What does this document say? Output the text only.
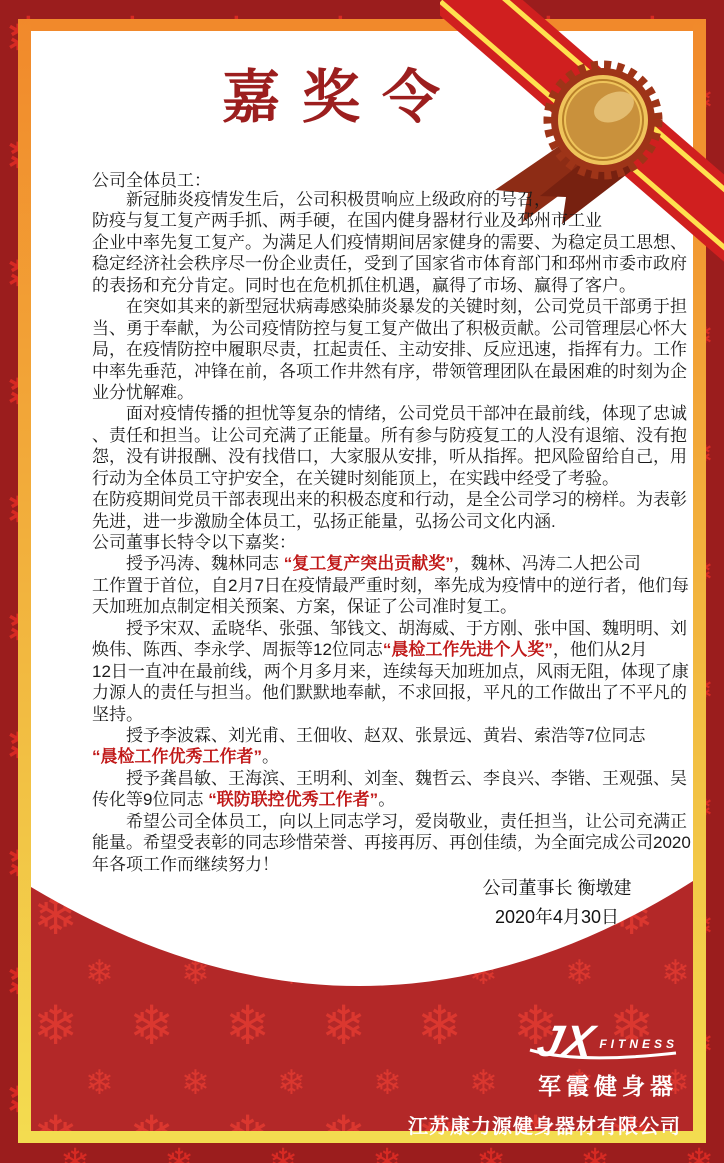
嘉奖令
公司全体员工：
新冠肺炎疫情发生后，公司积极贯响应上级政府的号召，
防疫与复工复产两手抓、两手硬，在国内健身器材行业及邳州市工业
企业中率先复工复产。为满足人们疫情期间居家健身的需要、为稳定员工思想、
稳定经济社会秩序尽一份企业责任，受到了国家省市体育部门和邳州市委市政府
的表扬和充分肯定。同时也在危机抓住机遇，赢得了市场、赢得了客户。
在突如其来的新型冠状病毒感染肺炎暴发的关键时刻，公司党员干部勇于担
当、勇于奉献，为公司疫情防控与复工复产做出了积极贡献。公司管理层心怀大
局，在疫情防控中履职尽责，扛起责任、主动安排、反应迅速，指挥有力。工作
中率先垂范，冲锋在前，各项工作井然有序，带领管理团队在最困难的时刻为企
业分忧解难。
面对疫情传播的担忧等复杂的情绪，公司党员干部冲在最前线，体现了忠诚
、责任和担当。让公司充满了正能量。所有参与防疫复工的人没有退缩、没有抱
怨，没有讲报酬、没有找借口，大家服从安排，听从指挥。把风险留给自己，用
行动为全体员工守护安全，在关键时刻能顶上，在实践中经受了考验。
在防疫期间党员干部表现出来的积极态度和行动，是全公司学习的榜样。为表彰
先进，进一步激励全体员工，弘扬正能量，弘扬公司文化内涵.
公司董事长特令以下嘉奖：
授予冯涛、魏林同志 “复工复产突出贡献奖”，魏林、冯涛二人把公司
工作置于首位，自2月7日在疫情最严重时刻，率先成为疫情中的逆行者，他们每
天加班加点制定相关预案、方案，保证了公司准时复工。
授予宋双、孟晓华、张强、邹钱文、胡海威、于方刚、张中国、魏明明、刘
焕伟、陈西、李永学、周振等12位同志“晨检工作先进个人奖”，他们从2月
12日一直冲在最前线，两个月多月来，连续每天加班加点，风雨无阻，体现了康
力源人的责任与担当。他们默默地奉献，不求回报，平凡的工作做出了不平凡的
坚持。
授予李波霖、刘光甫、王佃收、赵双、张景远、黄岩、索浩等7位同志
“晨检工作优秀工作者”。
授予龚昌敏、王海滨、王明利、刘奎、魏哲云、李良兴、李锴、王观强、吴
传化等9位同志 “联防联控优秀工作者”。
希望公司全体员工，向以上同志学习，爱岗敬业，责任担当，让公司充满正
能量。希望受表彰的同志珍惜荣誉、再接再厉、再创佳绩，为全面完成公司2020
年各项工作而继续努力！
公司董事长 衡墩建
2020年4月30日
JXFITNESS
军霞健身器
江苏康力源健身器材有限公司
